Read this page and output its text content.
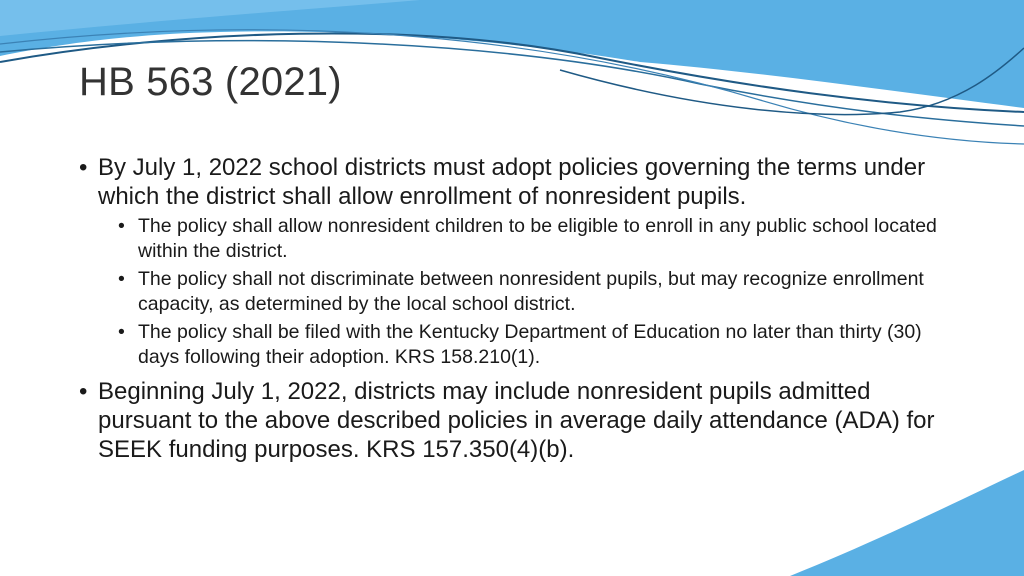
HB 563 (2021)
• By July 1, 2022 school districts must adopt policies governing the terms under which the district shall allow enrollment of nonresident pupils.
• The policy shall allow nonresident children to be eligible to enroll in any public school located within the district.
• The policy shall not discriminate between nonresident pupils, but may recognize enrollment capacity, as determined by the local school district.
• The policy shall be filed with the Kentucky Department of Education no later than thirty (30) days following their adoption. KRS 158.210(1).
• Beginning July 1, 2022, districts may include nonresident pupils admitted pursuant to the above described policies in average daily attendance (ADA) for SEEK funding purposes. KRS 157.350(4)(b).
